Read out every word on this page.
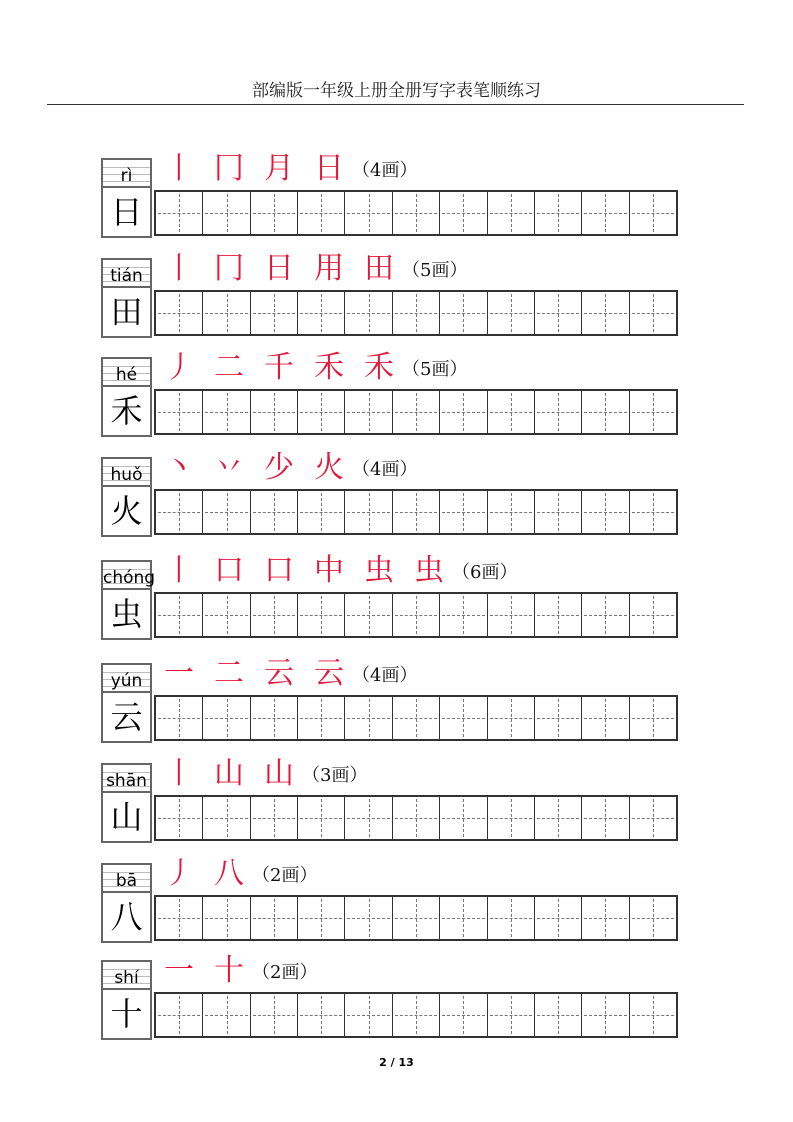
部编版一年级上册全册写字表笔顺练习
rì
日
丨 冂 月 日 （4画）
tián
田
丨 冂 日 用 田 （5画）
hé
禾
丿 二 千 禾 禾 （5画）
huǒ
火
丶 丷 少 火 （4画）
chóng
虫
丨 口 口 中 虫 虫 （6画）
yún
云
一 二 云 云 （4画）
shān
山
丨 山 山 （3画）
bā
八
丿 八 （2画）
shí
十
一 十 （2画）
2 / 13
